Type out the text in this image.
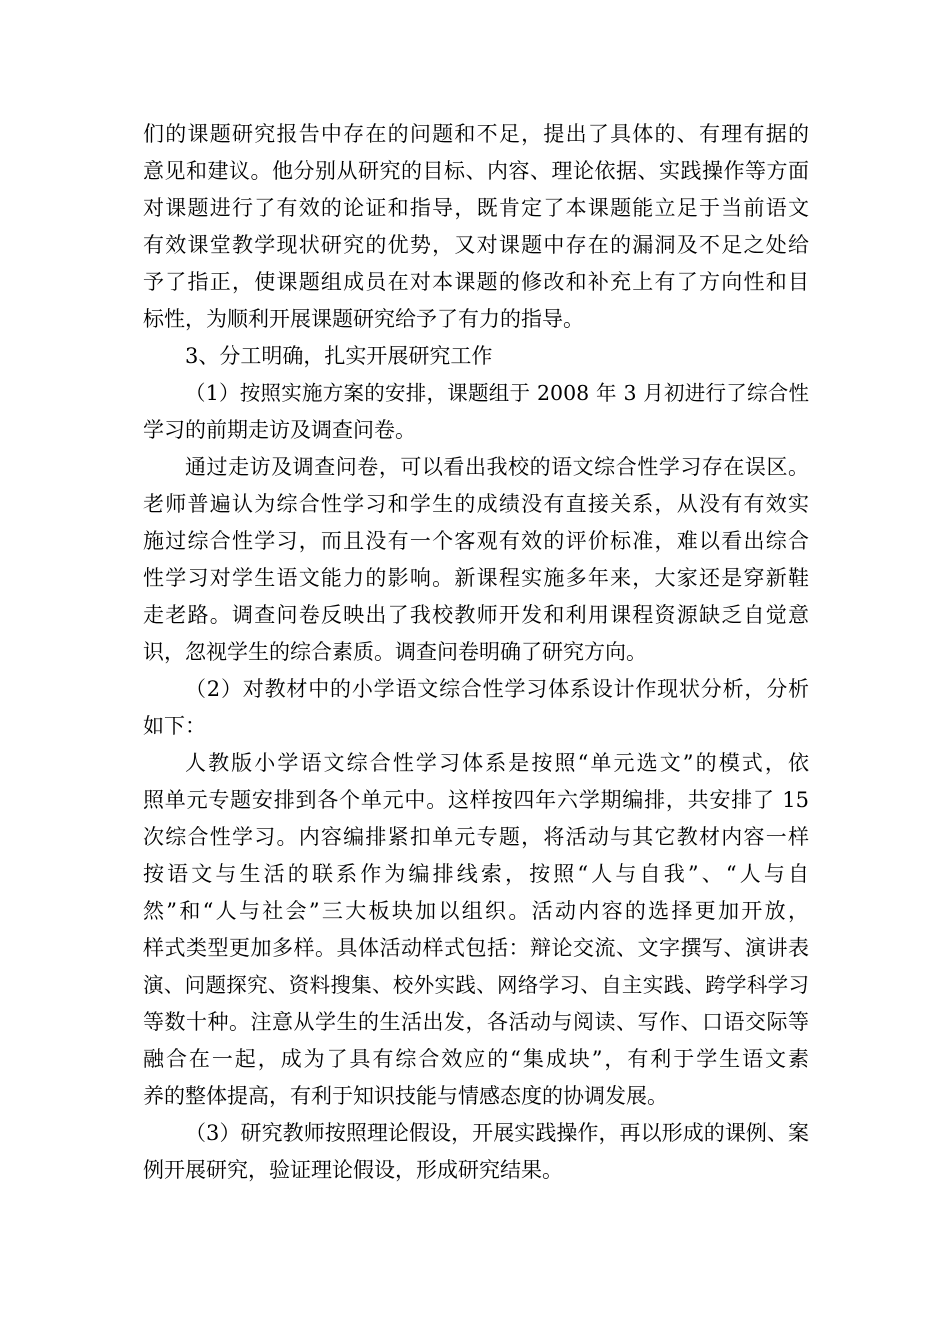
们的课题研究报告中存在的问题和不足，提出了具体的、有理有据的
意见和建议。他分别从研究的目标、内容、理论依据、实践操作等方面
对课题进行了有效的论证和指导，既肯定了本课题能立足于当前语文
有效课堂教学现状研究的优势，又对课题中存在的漏洞及不足之处给
予了指正，使课题组成员在对本课题的修改和补充上有了方向性和目
标性，为顺利开展课题研究给予了有力的指导。
3、分工明确，扎实开展研究工作
（1）按照实施方案的安排，课题组于 2008 年 3 月初进行了综合性
学习的前期走访及调查问卷。
通过走访及调查问卷，可以看出我校的语文综合性学习存在误区。
老师普遍认为综合性学习和学生的成绩没有直接关系，从没有有效实
施过综合性学习，而且没有一个客观有效的评价标准，难以看出综合
性学习对学生语文能力的影响。新课程实施多年来，大家还是穿新鞋
走老路。调查问卷反映出了我校教师开发和利用课程资源缺乏自觉意
识，忽视学生的综合素质。调查问卷明确了研究方向。
（2）对教材中的小学语文综合性学习体系设计作现状分析，分析
如下：
人教版小学语文综合性学习体系是按照“单元选文”的模式，依
照单元专题安排到各个单元中。这样按四年六学期编排，共安排了 15
次综合性学习。内容编排紧扣单元专题，将活动与其它教材内容一样
按语文与生活的联系作为编排线索，按照“人与自我”、“人与自
然”和“人与社会”三大板块加以组织。活动内容的选择更加开放，
样式类型更加多样。具体活动样式包括：辩论交流、文字撰写、演讲表
演、问题探究、资料搜集、校外实践、网络学习、自主实践、跨学科学习
等数十种。注意从学生的生活出发，各活动与阅读、写作、口语交际等
融合在一起，成为了具有综合效应的“集成块”，有利于学生语文素
养的整体提高，有利于知识技能与情感态度的协调发展。
（3）研究教师按照理论假设，开展实践操作，再以形成的课例、案
例开展研究，验证理论假设，形成研究结果。
